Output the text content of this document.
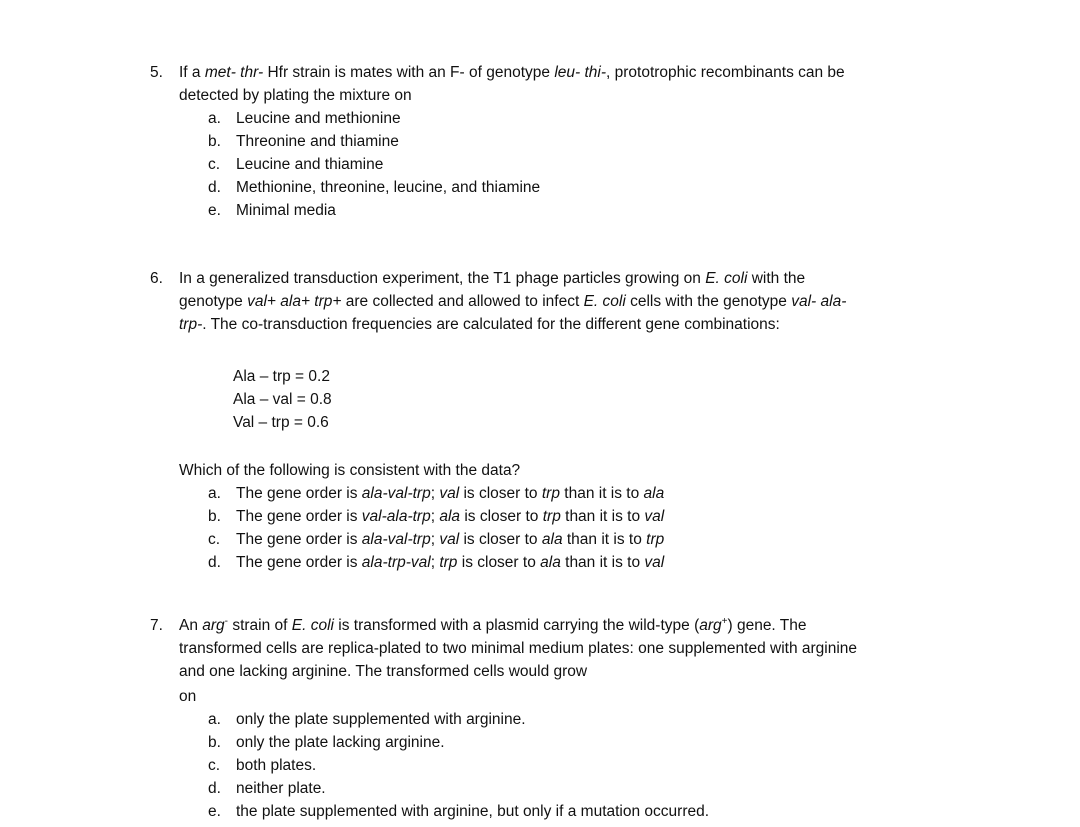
5. If a met- thr- Hfr strain is mates with an F- of genotype leu- thi-, prototrophic recombinants can be detected by plating the mixture on
a. Leucine and methionine
b. Threonine and thiamine
c. Leucine and thiamine
d. Methionine, threonine, leucine, and thiamine
e. Minimal media
6. In a generalized transduction experiment, the T1 phage particles growing on E. coli with the genotype val+ ala+ trp+ are collected and allowed to infect E. coli cells with the genotype val- ala- trp-. The co-transduction frequencies are calculated for the different gene combinations:
Ala – trp = 0.2
Ala – val = 0.8
Val – trp = 0.6
Which of the following is consistent with the data?
a. The gene order is ala-val-trp; val is closer to trp than it is to ala
b. The gene order is val-ala-trp; ala is closer to trp than it is to val
c. The gene order is ala-val-trp; val is closer to ala than it is to trp
d. The gene order is ala-trp-val; trp is closer to ala than it is to val
7. An arg- strain of E. coli is transformed with a plasmid carrying the wild-type (arg+) gene. The transformed cells are replica-plated to two minimal medium plates: one supplemented with arginine and one lacking arginine. The transformed cells would grow
on
a. only the plate supplemented with arginine.
b. only the plate lacking arginine.
c. both plates.
d. neither plate.
e. the plate supplemented with arginine, but only if a mutation occurred.
